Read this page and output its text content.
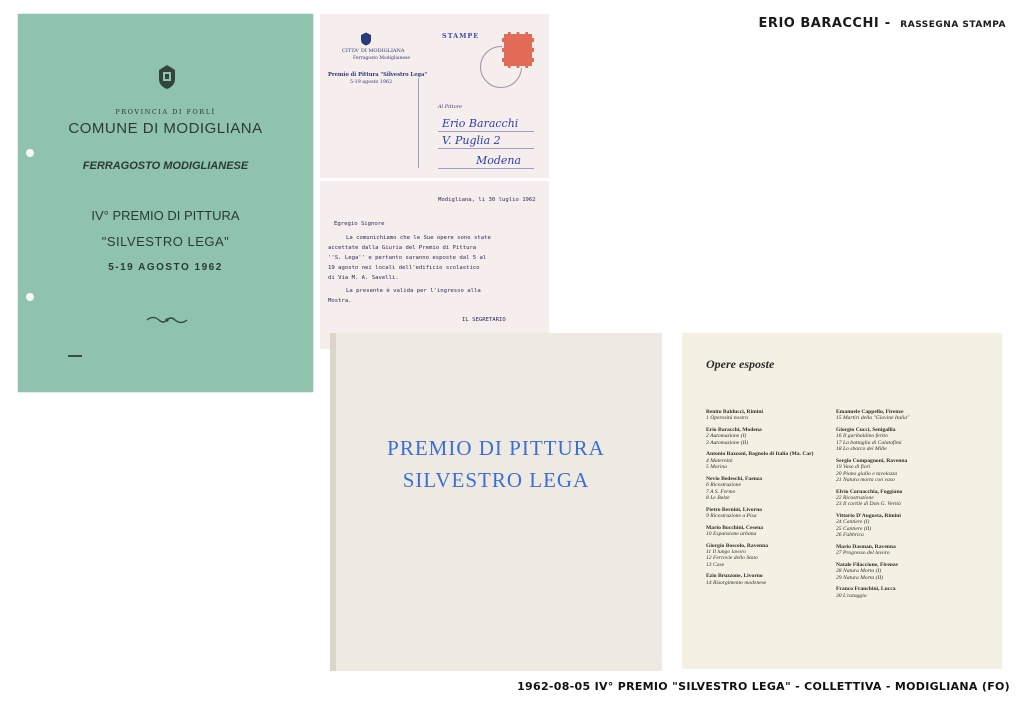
ERIO BARACCHI - RASSEGNA STAMPA
PROVINCIA DI FORLÌ
COMUNE DI MODIGLIANA
FERRAGOSTO MODIGLIANESE
IV° PREMIO DI PITTURA
"SILVESTRO LEGA"
5-19 AGOSTO 1962
CITTA' DI MODIGLIANA
Ferragosto Modiglianese
Premio di Pittura "Silvestro Lega"
5-19 agosto 1962
STAMPE
Al Pittore
Erio Baracchi
V. Puglia 2
Modena
Modigliana, li 30 luglio 1962
Egregio Signore
La comunichiamo che le Sue opere sono state
accettate dalla Giuria del Premio di Pittura
''S. Lega'' e pertanto saranno esposte dal 5 al
19 agosto nei locali dell'edificio scolastico
di Via M. A. Savelli.
La presente è valida per l'ingresso alla
Mostra.
IL SEGRETARIO
PREMIO DI PITTURA
SILVESTRO LEGA
Opere esposte
Benito Balducci, Rimini
1 Operosità nostra
Erio Baracchi, Modena
2 Automazione (I)
3 Automazione (II)
Antonio Bazzoni, Bagnolo di Italia (Ma. Car)
4 Maternità
5 Marina
Nevio Bedeschi, Faenza
6 Ricostruzione
7 A S. Fermo
8 Le Balze
Pietro Bernini, Livorno
9 Ricostruzione a Pisa
Mario Bocchini, Cesena
10 Espansione urbana
Giorgio Boscolo, Ravenna
11 Il lungo lavoro
12 Ferrovie dello Stato
13 Case
Ezio Bruzzone, Livorno
14 Risorgimento modenese
Emanuele Cappello, Firenze
15 Martiri della "Giovine Italia"
Giorgio Cucci, Senigallia
16 Il garibaldino ferito
17 La battaglia di Calatafimi
18 Lo sbarco dei Mille
Sergio Compagnoni, Ravenna
19 Vaso di fiori
20 Piano giallo e tavolozza
21 Natura morta con vaso
Elvio Cornacchia, Foggiano
22 Ricostruzione
23 Il cortile di Don G. Verità
Vittorio D'Augusta, Rimini
24 Cantiere (I)
25 Cantiere (II)
26 Fabbrica
Mario Dasman, Ravenna
27 Progresso del lavoro
Natale Filaccione, Firenze
28 Natura Morta (I)
29 Natura Morta (II)
Franco Franchini, Lucca
30 L'ostaggio
1962-08-05 IV° PREMIO "SILVESTRO LEGA" - COLLETTIVA - MODIGLIANA (FO)
